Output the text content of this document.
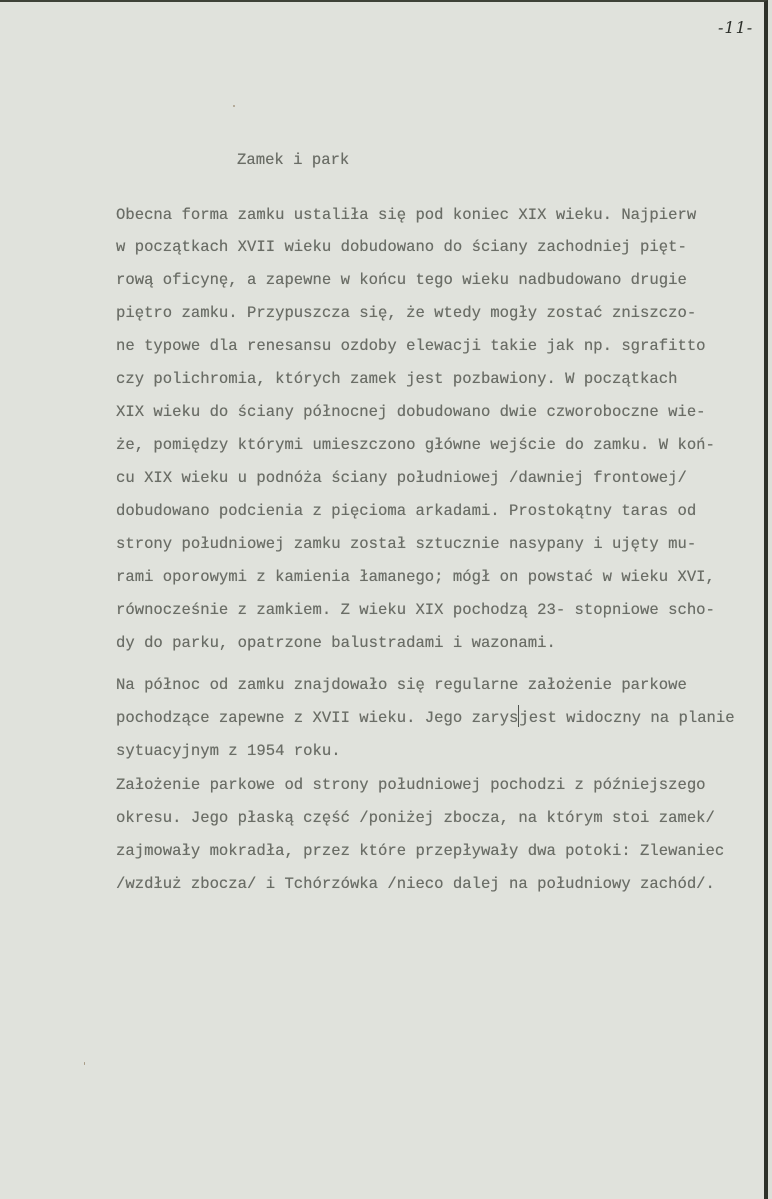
-11-
Zamek i park
Obecna forma zamku ustaliła się pod koniec XIX wieku. Najpierw
w początkach XVII wieku dobudowano do ściany zachodniej pięt-
rową oficynę, a zapewne w końcu tego wieku nadbudowano drugie
piętro zamku. Przypuszcza się, że wtedy mogły zostać zniszczo-
ne typowe dla renesansu ozdoby elewacji takie jak np. sgrafitto
czy polichromia, których zamek jest pozbawiony. W początkach
XIX wieku do ściany północnej dobudowano dwie czworoboczne wie-
że, pomiędzy którymi umieszczono główne wejście do zamku. W koń-
cu XIX wieku u podnóża ściany południowej /dawniej frontowej/
dobudowano podcienia z pięcioma arkadami. Prostokątny taras od
strony południowej zamku został sztucznie nasypany i ujęty mu-
rami oporowymi z kamienia łamanego; mógł on powstać w wieku XVI,
równocześnie z zamkiem. Z wieku XIX pochodzą 23- stopniowe scho-
dy do parku, opatrzone balustradami i wazonami.
Na północ od zamku znajdowało się regularne założenie parkowe
pochodzące zapewne z XVII wieku. Jego zarysjest widoczny na planie
sytuacyjnym z 1954 roku.
Założenie parkowe od strony południowej pochodzi z późniejszego
okresu. Jego płaską część /poniżej zbocza, na którym stoi zamek/
zajmowały mokradła, przez które przepływały dwa potoki: Zlewaniec
/wzdłuż zbocza/ i Tchórzówka /nieco dalej na południowy zachód/.
